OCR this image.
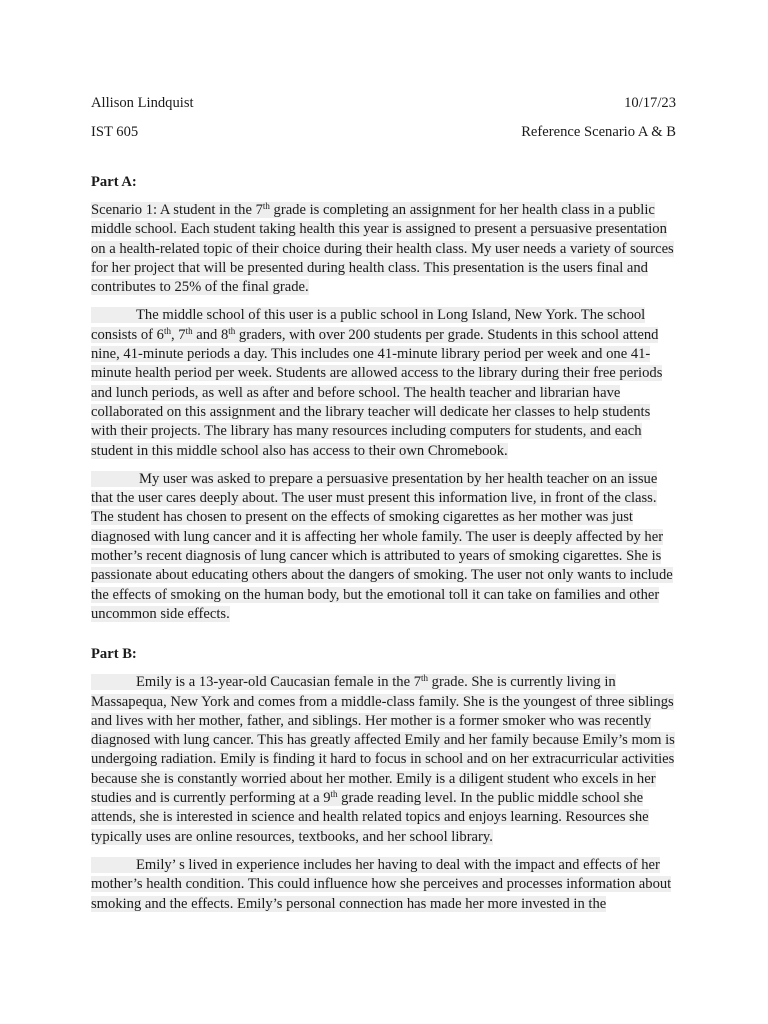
Allison Lindquist	10/17/23
IST 605	Reference Scenario A & B
Part A:

Scenario 1: A student in the 7th grade is completing an assignment for her health class in a public middle school. Each student taking health this year is assigned to present a persuasive presentation on a health-related topic of their choice during their health class. My user needs a variety of sources for her project that will be presented during health class. This presentation is the users final and contributes to 25% of the final grade.

The middle school of this user is a public school in Long Island, New York. The school consists of 6th, 7th and 8th graders, with over 200 students per grade. Students in this school attend nine, 41-minute periods a day. This includes one 41-minute library period per week and one 41-minute health period per week. Students are allowed access to the library during their free periods and lunch periods, as well as after and before school. The health teacher and librarian have collaborated on this assignment and the library teacher will dedicate her classes to help students with their projects. The library has many resources including computers for students, and each student in this middle school also has access to their own Chromebook.

My user was asked to prepare a persuasive presentation by her health teacher on an issue that the user cares deeply about. The user must present this information live, in front of the class. The student has chosen to present on the effects of smoking cigarettes as her mother was just diagnosed with lung cancer and it is affecting her whole family. The user is deeply affected by her mother’s recent diagnosis of lung cancer which is attributed to years of smoking cigarettes. She is passionate about educating others about the dangers of smoking. The user not only wants to include the effects of smoking on the human body, but the emotional toll it can take on families and other uncommon side effects.

Part B:

Emily is a 13-year-old Caucasian female in the 7th grade. She is currently living in Massapequa, New York and comes from a middle-class family. She is the youngest of three siblings and lives with her mother, father, and siblings. Her mother is a former smoker who was recently diagnosed with lung cancer. This has greatly affected Emily and her family because Emily’s mom is undergoing radiation. Emily is finding it hard to focus in school and on her extracurricular activities because she is constantly worried about her mother. Emily is a diligent student who excels in her studies and is currently performing at a 9th grade reading level. In the public middle school she attends, she is interested in science and health related topics and enjoys learning. Resources she typically uses are online resources, textbooks, and her school library.

Emily’ s lived in experience includes her having to deal with the impact and effects of her mother’s health condition. This could influence how she perceives and processes information about smoking and the effects. Emily’s personal connection has made her more invested in the
